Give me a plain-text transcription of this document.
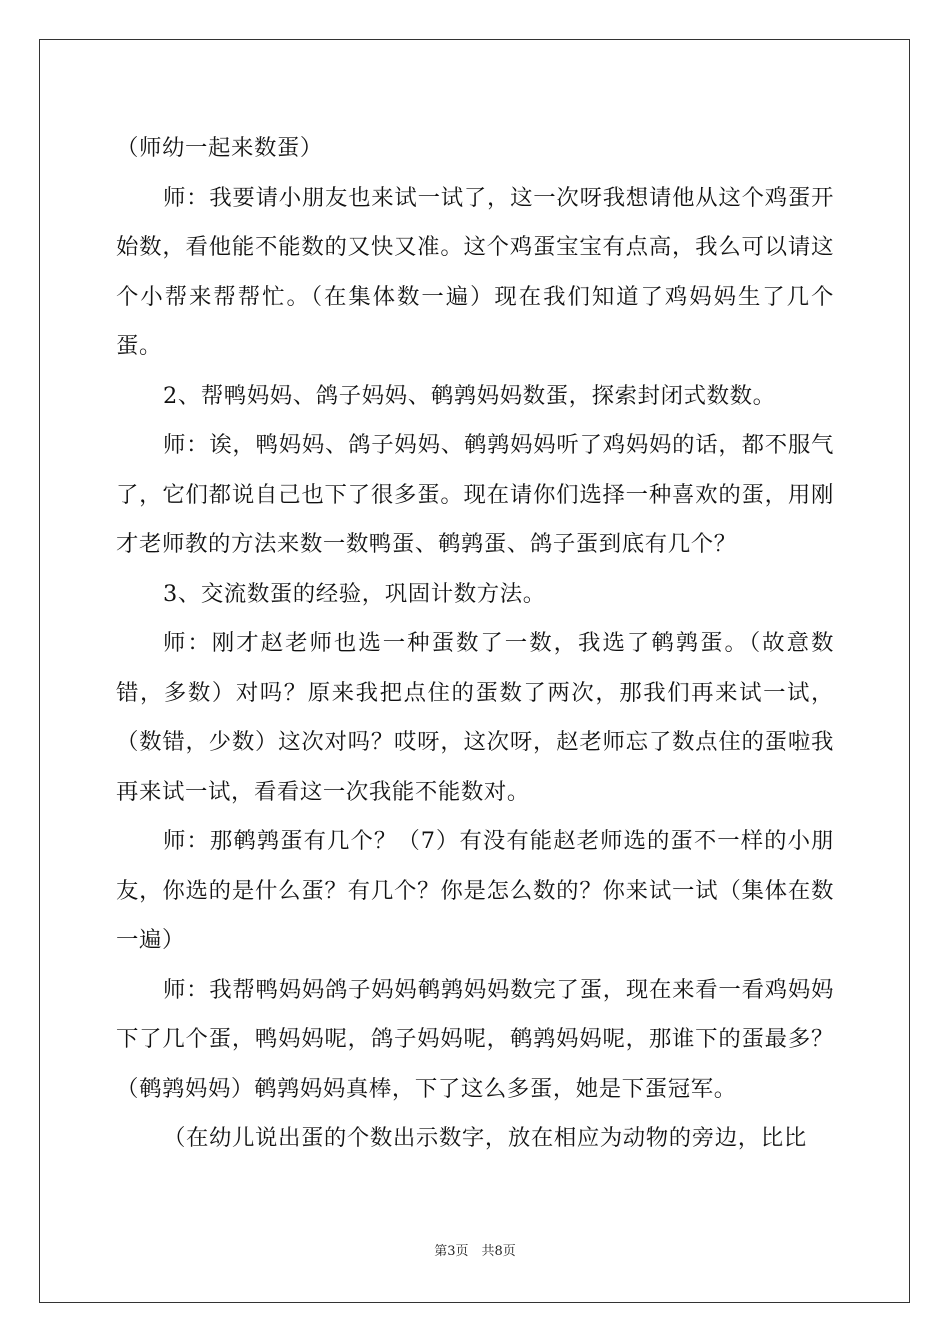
（师幼一起来数蛋）

师：我要请小朋友也来试一试了，这一次呀我想请他从这个鸡蛋开始数，看他能不能数的又快又准。这个鸡蛋宝宝有点高，我么可以请这个小帮来帮帮忙。（在集体数一遍）现在我们知道了鸡妈妈生了几个蛋。

2、帮鸭妈妈、鸽子妈妈、鹌鹑妈妈数蛋，探索封闭式数数。

师：诶，鸭妈妈、鸽子妈妈、鹌鹑妈妈听了鸡妈妈的话，都不服气了，它们都说自己也下了很多蛋。现在请你们选择一种喜欢的蛋，用刚才老师教的方法来数一数鸭蛋、鹌鹑蛋、鸽子蛋到底有几个？

3、交流数蛋的经验，巩固计数方法。

师：刚才赵老师也选一种蛋数了一数，我选了鹌鹑蛋。（故意数错，多数）对吗？原来我把点住的蛋数了两次，那我们再来试一试，（数错，少数）这次对吗？哎呀，这次呀，赵老师忘了数点住的蛋啦我再来试一试，看看这一次我能不能数对。

师：那鹌鹑蛋有几个？（7）有没有能赵老师选的蛋不一样的小朋友，你选的是什么蛋？有几个？你是怎么数的？你来试一试（集体在数一遍）

师：我帮鸭妈妈鸽子妈妈鹌鹑妈妈数完了蛋，现在来看一看鸡妈妈下了几个蛋，鸭妈妈呢，鸽子妈妈呢，鹌鹑妈妈呢，那谁下的蛋最多？（鹌鹑妈妈）鹌鹑妈妈真棒，下了这么多蛋，她是下蛋冠军。

（在幼儿说出蛋的个数出示数字，放在相应为动物的旁边，比比

第3页　共8页
